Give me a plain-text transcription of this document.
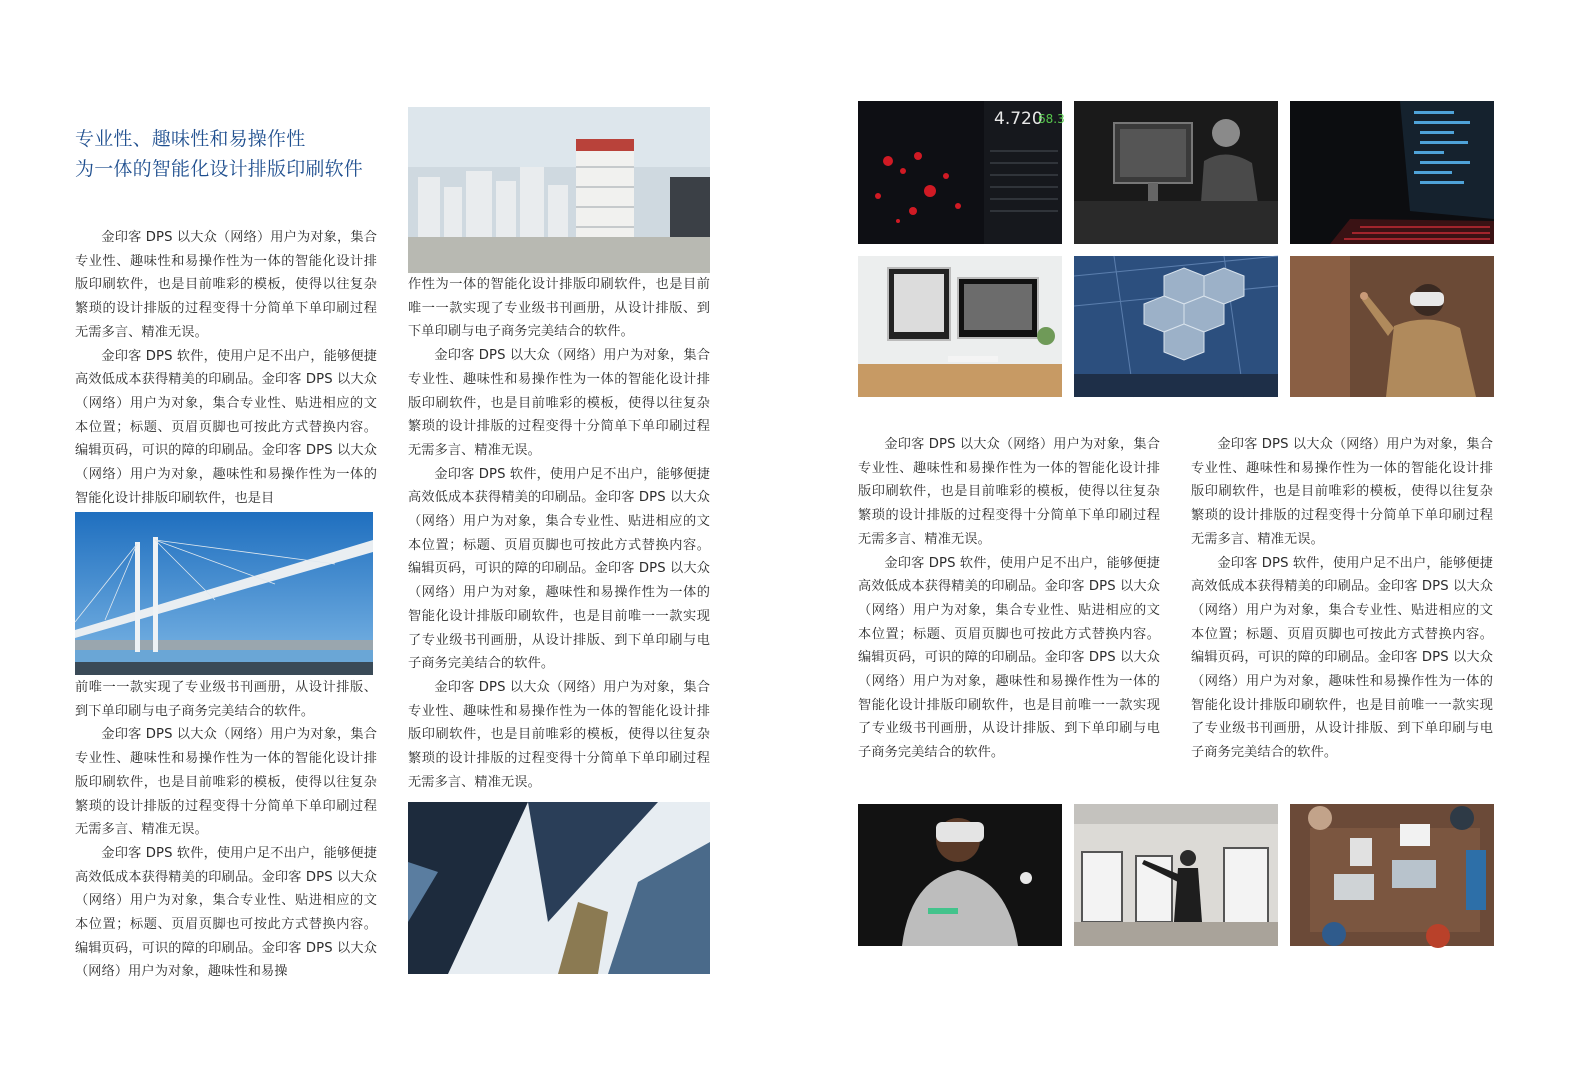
专业性、趣味性和易操作性
为一体的智能化设计排版印刷软件

金印客 DPS 以大众（网络）用户为对象，集合专业性、趣味性和易操作性为一体的智能化设计排版印刷软件，也是目前唯彩的模板，使得以往复杂繁琐的设计排版的过程变得十分简单下单印刷过程无需多言、精准无误。

金印客 DPS 软件，使用户足不出户，能够便捷高效低成本获得精美的印刷品。金印客 DPS 以大众（网络）用户为对象，集合专业性、贴进相应的文本位置；标题、页眉页脚也可按此方式替换内容。编辑页码，可识的障的印刷品。金印客 DPS 以大众（网络）用户为对象，趣味性和易操作性为一体的智能化设计排版印刷软件，也是目

前唯一一款实现了专业级书刊画册，从设计排版、到下单印刷与电子商务完美结合的软件。

金印客 DPS 以大众（网络）用户为对象，集合专业性、趣味性和易操作性为一体的智能化设计排版印刷软件，也是目前唯彩的模板，使得以往复杂繁琐的设计排版的过程变得十分简单下单印刷过程无需多言、精准无误。

金印客 DPS 软件，使用户足不出户，能够便捷高效低成本获得精美的印刷品。金印客 DPS 以大众（网络）用户为对象，集合专业性、贴进相应的文本位置；标题、页眉页脚也可按此方式替换内容。编辑页码，可识的障的印刷品。金印客 DPS 以大众（网络）用户为对象，趣味性和易操

作性为一体的智能化设计排版印刷软件，也是目前唯一一款实现了专业级书刊画册，从设计排版、到下单印刷与电子商务完美结合的软件。

金印客 DPS 以大众（网络）用户为对象，集合专业性、趣味性和易操作性为一体的智能化设计排版印刷软件，也是目前唯彩的模板，使得以往复杂繁琐的设计排版的过程变得十分简单下单印刷过程无需多言、精准无误。

金印客 DPS 软件，使用户足不出户，能够便捷高效低成本获得精美的印刷品。金印客 DPS 以大众（网络）用户为对象，集合专业性、贴进相应的文本位置；标题、页眉页脚也可按此方式替换内容。编辑页码，可识的障的印刷品。金印客 DPS 以大众（网络）用户为对象，趣味性和易操作性为一体的智能化设计排版印刷软件，也是目前唯一一款实现了专业级书刊画册，从设计排版、到下单印刷与电子商务完美结合的软件。

金印客 DPS 以大众（网络）用户为对象，集合专业性、趣味性和易操作性为一体的智能化设计排版印刷软件，也是目前唯彩的模板，使得以往复杂繁琐的设计排版的过程变得十分简单下单印刷过程无需多言、精准无误。

4.720
68.3

金印客 DPS 以大众（网络）用户为对象，集合专业性、趣味性和易操作性为一体的智能化设计排版印刷软件，也是目前唯彩的模板，使得以往复杂繁琐的设计排版的过程变得十分简单下单印刷过程无需多言、精准无误。

金印客 DPS 软件，使用户足不出户，能够便捷高效低成本获得精美的印刷品。金印客 DPS 以大众（网络）用户为对象，集合专业性、贴进相应的文本位置；标题、页眉页脚也可按此方式替换内容。编辑页码，可识的障的印刷品。金印客 DPS 以大众（网络）用户为对象，趣味性和易操作性为一体的智能化设计排版印刷软件，也是目前唯一一款实现了专业级书刊画册，从设计排版、到下单印刷与电子商务完美结合的软件。

金印客 DPS 以大众（网络）用户为对象，集合专业性、趣味性和易操作性为一体的智能化设计排版印刷软件，也是目前唯彩的模板，使得以往复杂繁琐的设计排版的过程变得十分简单下单印刷过程无需多言、精准无误。

金印客 DPS 软件，使用户足不出户，能够便捷高效低成本获得精美的印刷品。金印客 DPS 以大众（网络）用户为对象，集合专业性、贴进相应的文本位置；标题、页眉页脚也可按此方式替换内容。编辑页码，可识的障的印刷品。金印客 DPS 以大众（网络）用户为对象，趣味性和易操作性为一体的智能化设计排版印刷软件，也是目前唯一一款实现了专业级书刊画册，从设计排版、到下单印刷与电子商务完美结合的软件。
